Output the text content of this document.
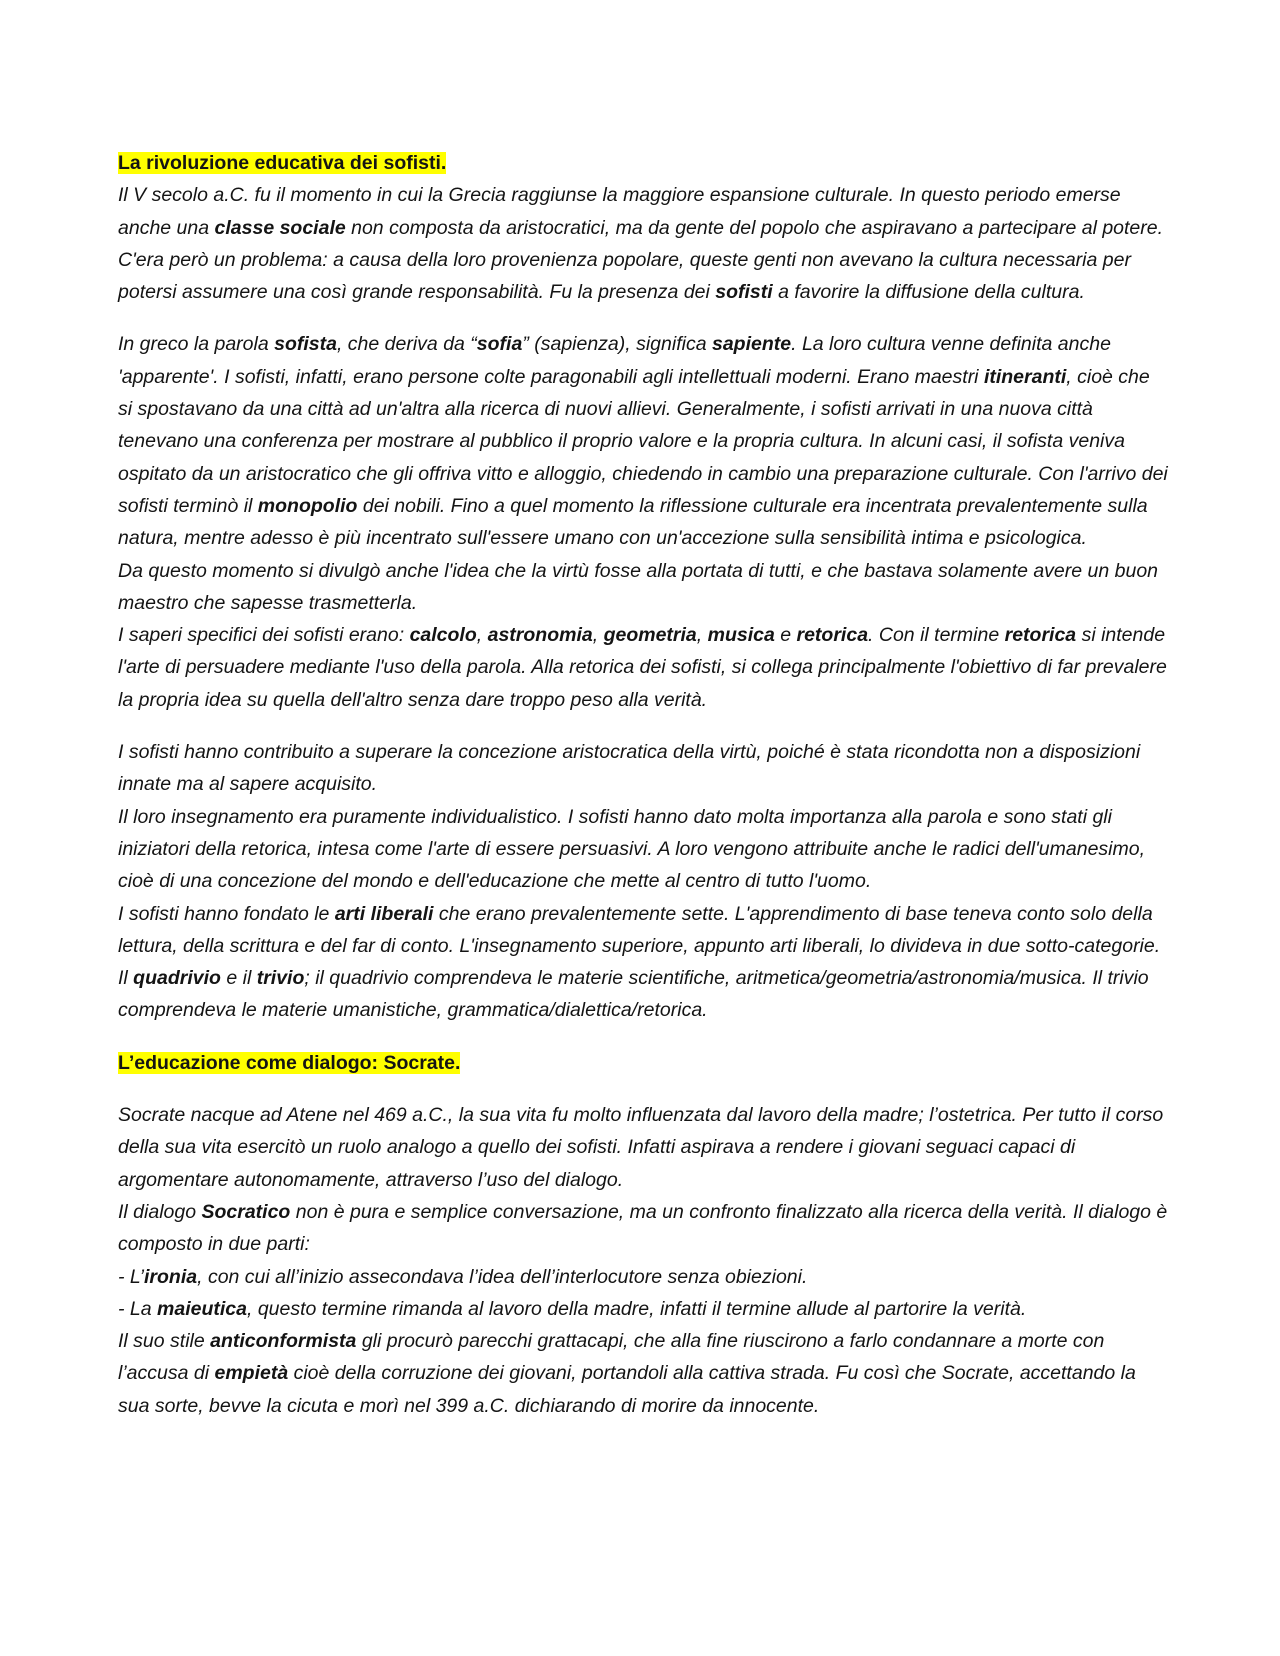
La rivoluzione educativa dei sofisti.

Il V secolo a.C. fu il momento in cui la Grecia raggiunse la maggiore espansione culturale. In questo periodo emerse anche una classe sociale non composta da aristocratici, ma da gente del popolo che aspiravano a partecipare al potere. C'era però un problema: a causa della loro provenienza popolare, queste genti non avevano la cultura necessaria per potersi assumere una così grande responsabilità. Fu la presenza dei sofisti a favorire la diffusione della cultura.

In greco la parola sofista, che deriva da “sofia” (sapienza), significa sapiente. La loro cultura venne definita anche 'apparente'. I sofisti, infatti, erano persone colte paragonabili agli intellettuali moderni. Erano maestri itineranti, cioè che si spostavano da una città ad un'altra alla ricerca di nuovi allievi. Generalmente, i sofisti arrivati in una nuova città tenevano una conferenza per mostrare al pubblico il proprio valore e la propria cultura. In alcuni casi, il sofista veniva ospitato da un aristocratico che gli offriva vitto e alloggio, chiedendo in cambio una preparazione culturale. Con l'arrivo dei sofisti terminò il monopolio dei nobili. Fino a quel momento la riflessione culturale era incentrata prevalentemente sulla natura, mentre adesso è più incentrato sull'essere umano con un'accezione sulla sensibilità intima e psicologica.

Da questo momento si divulgò anche l'idea che la virtù fosse alla portata di tutti, e che bastava solamente avere un buon maestro che sapesse trasmetterla.

I saperi specifici dei sofisti erano: calcolo, astronomia, geometria, musica e retorica. Con il termine retorica si intende l'arte di persuadere mediante l'uso della parola. Alla retorica dei sofisti, si collega principalmente l'obiettivo di far prevalere la propria idea su quella dell'altro senza dare troppo peso alla verità.

I sofisti hanno contribuito a superare la concezione aristocratica della virtù, poiché è stata ricondotta non a disposizioni innate ma al sapere acquisito.

Il loro insegnamento era puramente individualistico. I sofisti hanno dato molta importanza alla parola e sono stati gli iniziatori della retorica, intesa come l'arte di essere persuasivi. A loro vengono attribuite anche le radici dell'umanesimo, cioè di una concezione del mondo e dell'educazione che mette al centro di tutto l'uomo.

I sofisti hanno fondato le arti liberali che erano prevalentemente sette. L'apprendimento di base teneva conto solo della lettura, della scrittura e del far di conto. L'insegnamento superiore, appunto arti liberali, lo divideva in due sotto-categorie. Il quadrivio e il trivio; il quadrivio comprendeva le materie scientifiche, aritmetica/geometria/astronomia/musica. Il trivio comprendeva le materie umanistiche, grammatica/dialettica/retorica.

L’educazione come dialogo: Socrate.

Socrate nacque ad Atene nel 469 a.C., la sua vita fu molto influenzata dal lavoro della madre; l’ostetrica. Per tutto il corso della sua vita esercitò un ruolo analogo a quello dei sofisti. Infatti aspirava a rendere i giovani seguaci capaci di argomentare autonomamente, attraverso l’uso del dialogo.

Il dialogo Socratico non è pura e semplice conversazione, ma un confronto finalizzato alla ricerca della verità. Il dialogo è composto in due parti:

- L’ironia, con cui all’inizio assecondava l’idea dell’interlocutore senza obiezioni.

- La maieutica, questo termine rimanda al lavoro della madre, infatti il termine allude al partorire la verità.

Il suo stile anticonformista gli procurò parecchi grattacapi, che alla fine riuscirono a farlo condannare a morte con l’accusa di empietà cioè della corruzione dei giovani, portandoli alla cattiva strada. Fu così che Socrate, accettando la sua sorte, bevve la cicuta e morì nel 399 a.C. dichiarando di morire da innocente.
